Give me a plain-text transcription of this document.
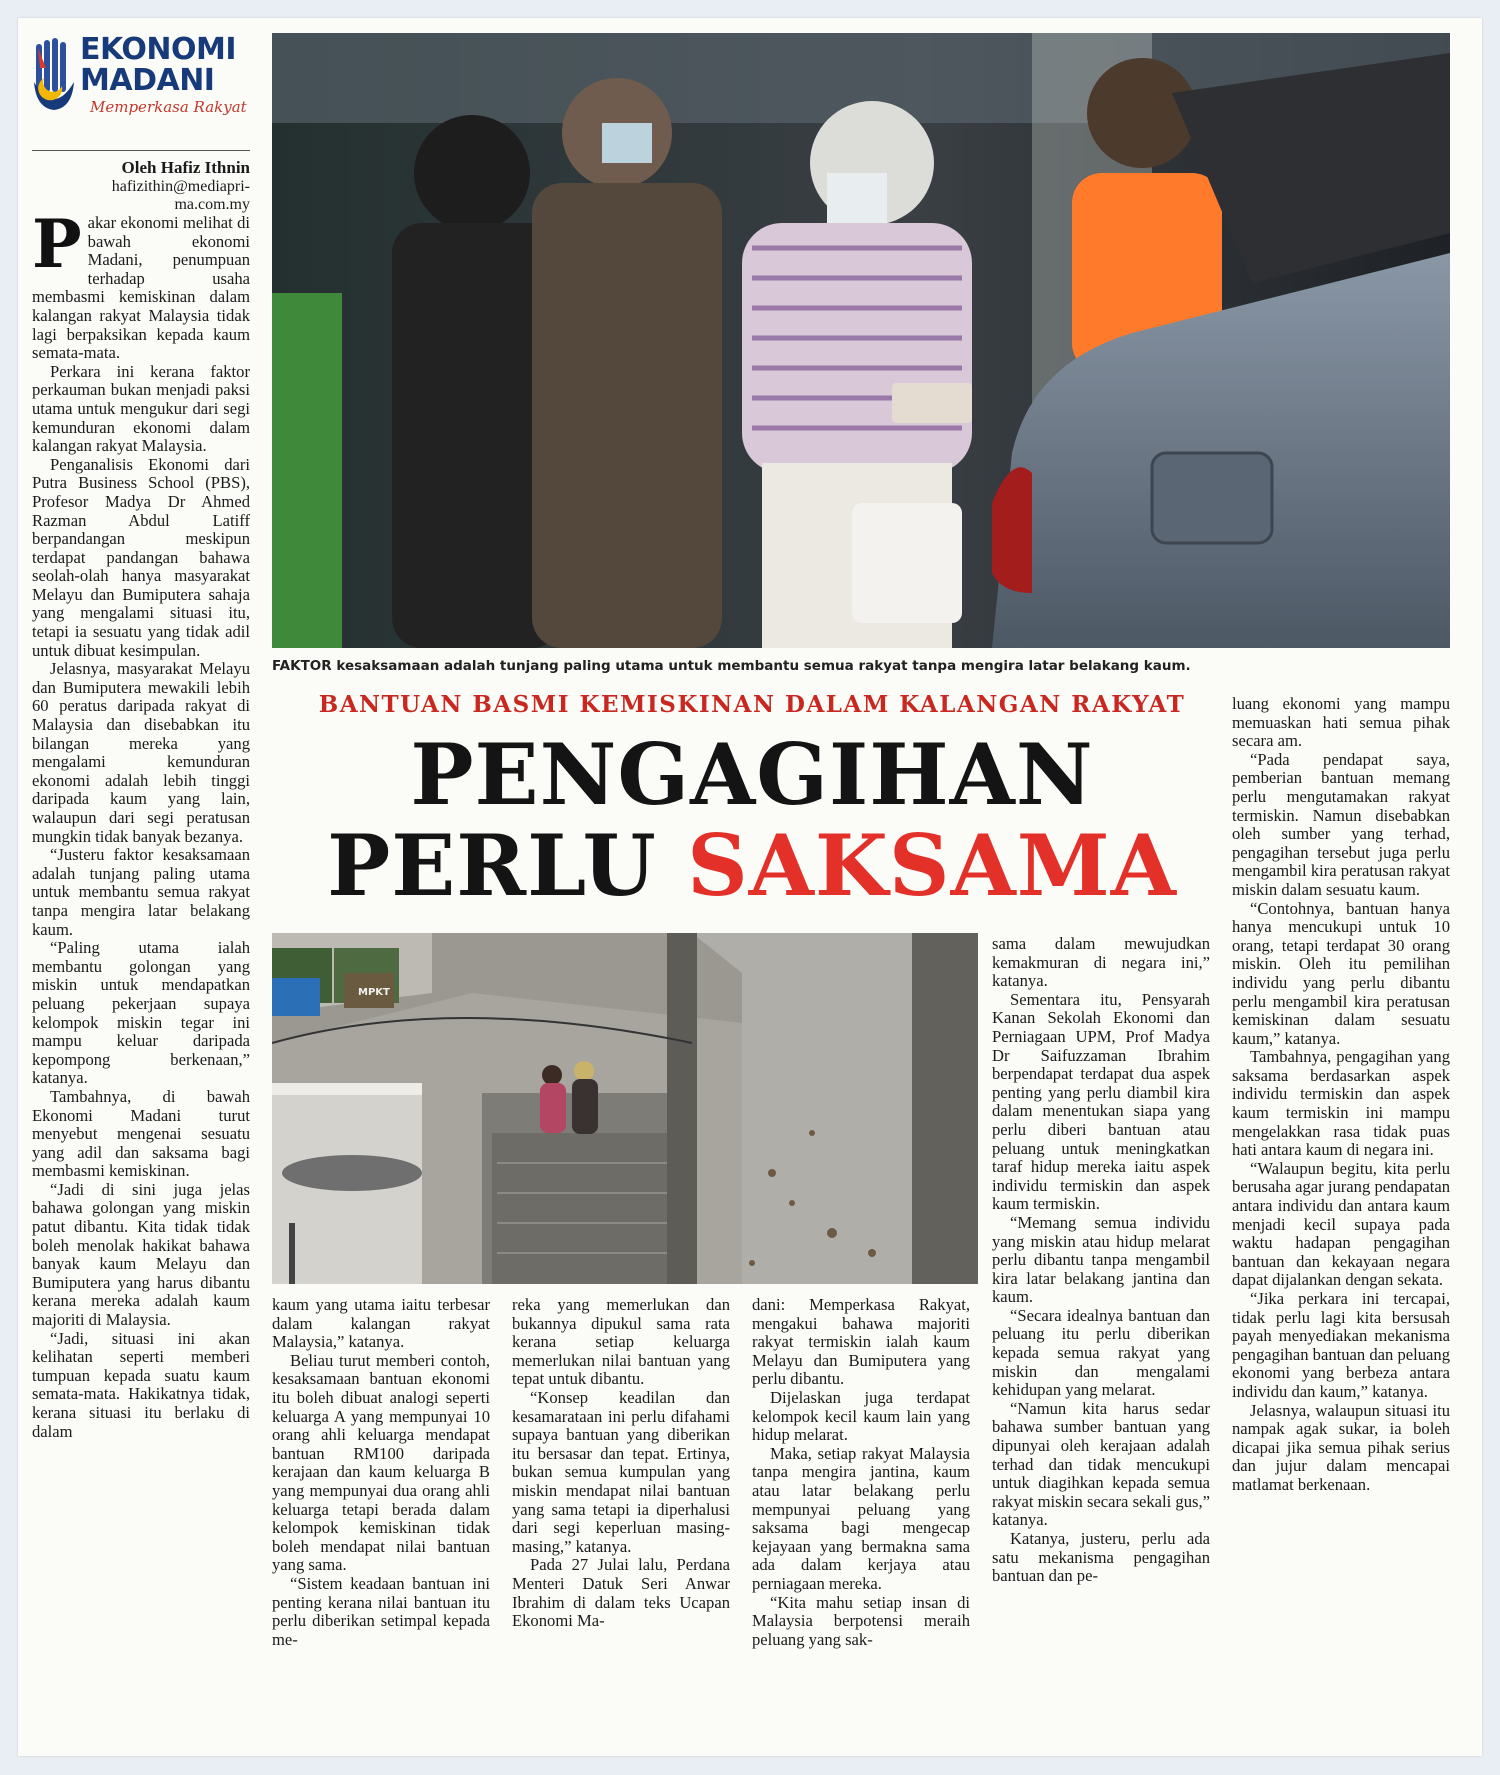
EKONOMI
MADANI
Memperkasa Rakyat
Oleh Hafiz Ithnin
hafizithin@mediapri-
ma.com.my

Pakar ekonomi melihat di bawah ekonomi Madani, penumpuan terhadap usaha membasmi kemiskinan dalam kalangan rakyat Malaysia tidak lagi berpaksikan kepada kaum semata-mata.

Perkara ini kerana faktor perkauman bukan menjadi paksi utama untuk mengukur dari segi kemunduran ekonomi dalam kalangan rakyat Malaysia.

Penganalisis Ekonomi dari Putra Business School (PBS), Profesor Madya Dr Ahmed Razman Abdul Latiff berpandangan meskipun terdapat pandangan bahawa seolah-olah hanya masyarakat Melayu dan Bumiputera sahaja yang mengalami situasi itu, tetapi ia sesuatu yang tidak adil untuk dibuat kesimpulan.

Jelasnya, masyarakat Melayu dan Bumiputera mewakili lebih 60 peratus daripada rakyat di Malaysia dan disebabkan itu bilangan mereka yang mengalami kemunduran ekonomi adalah lebih tinggi daripada kaum yang lain, walaupun dari segi peratusan mungkin tidak banyak bezanya.

“Justeru faktor kesaksamaan adalah tunjang paling utama untuk membantu semua rakyat tanpa mengira latar belakang kaum.

“Paling utama ialah membantu golongan yang miskin untuk mendapatkan peluang pekerjaan supaya kelompok miskin tegar ini mampu keluar daripada kepompong berkenaan,” katanya.

Tambahnya, di bawah Ekonomi Madani turut menyebut mengenai sesuatu yang adil dan saksama bagi membasmi kemiskinan.

“Jadi di sini juga jelas bahawa golongan yang miskin patut dibantu. Kita tidak tidak boleh menolak hakikat bahawa banyak kaum Melayu dan Bumiputera yang harus dibantu kerana mereka adalah kaum majoriti di Malaysia.

“Jadi, situasi ini akan kelihatan seperti memberi tumpuan kepada suatu kaum semata-mata. Hakikatnya tidak, kerana situasi itu berlaku di dalam

FAKTOR kesaksamaan adalah tunjang paling utama untuk membantu semua rakyat tanpa mengira latar belakang kaum.
BANTUAN BASMI KEMISKINAN DALAM KALANGAN RAKYAT
PENGAGIHAN
PERLU SAKSAMA
MPKT

kaum yang utama iaitu terbesar dalam kalangan rakyat Malaysia,” katanya.

Beliau turut memberi contoh, kesaksamaan bantuan ekonomi itu boleh dibuat analogi seperti keluarga A yang mempunyai 10 orang ahli keluarga mendapat bantuan RM100 daripada kerajaan dan kaum keluarga B yang mempunyai dua orang ahli keluarga tetapi berada dalam kelompok kemiskinan tidak boleh mendapat nilai bantuan yang sama.

“Sistem keadaan bantuan ini penting kerana nilai bantuan itu perlu diberikan setimpal kepada me-

reka yang memerlukan dan bukannya dipukul sama rata kerana setiap keluarga memerlukan nilai bantuan yang tepat untuk dibantu.

“Konsep keadilan dan kesamarataan ini perlu difahami supaya bantuan yang diberikan itu bersasar dan tepat. Ertinya, bukan semua kumpulan yang miskin mendapat nilai bantuan yang sama tetapi ia diperhalusi dari segi keperluan masing-masing,” katanya.

Pada 27 Julai lalu, Perdana Menteri Datuk Seri Anwar Ibrahim di dalam teks Ucapan Ekonomi Ma-

dani: Memperkasa Rakyat, mengakui bahawa majoriti rakyat termiskin ialah kaum Melayu dan Bumiputera yang perlu dibantu.

Dijelaskan juga terdapat kelompok kecil kaum lain yang hidup melarat.

Maka, setiap rakyat Malaysia tanpa mengira jantina, kaum atau latar belakang perlu mempunyai peluang yang saksama bagi mengecap kejayaan yang bermakna sama ada dalam kerjaya atau perniagaan mereka.

“Kita mahu setiap insan di Malaysia berpotensi meraih peluang yang sak-

sama dalam mewujudkan kemakmuran di negara ini,” katanya.

Sementara itu, Pensyarah Kanan Sekolah Ekonomi dan Perniagaan UPM, Prof Madya Dr Saifuzzaman Ibrahim berpendapat terdapat dua aspek penting yang perlu diambil kira dalam menentukan siapa yang perlu diberi bantuan atau peluang untuk meningkatkan taraf hidup mereka iaitu aspek individu termiskin dan aspek kaum termiskin.

“Memang semua individu yang miskin atau hidup melarat perlu dibantu tanpa mengambil kira latar belakang jantina dan kaum.

“Secara idealnya bantuan dan peluang itu perlu diberikan kepada semua rakyat yang miskin dan mengalami kehidupan yang melarat.

“Namun kita harus sedar bahawa sumber bantuan yang dipunyai oleh kerajaan adalah terhad dan tidak mencukupi untuk diagihkan kepada semua rakyat miskin secara sekali gus,” katanya.

Katanya, justeru, perlu ada satu mekanisma pengagihan bantuan dan pe-

luang ekonomi yang mampu memuaskan hati semua pihak secara am.

“Pada pendapat saya, pemberian bantuan memang perlu mengutamakan rakyat termiskin. Namun disebabkan oleh sumber yang terhad, pengagihan tersebut juga perlu mengambil kira peratusan rakyat miskin dalam sesuatu kaum.

“Contohnya, bantuan hanya hanya mencukupi untuk 10 orang, tetapi terdapat 30 orang miskin. Oleh itu pemilihan individu yang perlu dibantu perlu mengambil kira peratusan kemiskinan dalam sesuatu kaum,” katanya.

Tambahnya, pengagihan yang saksama berdasarkan aspek individu termiskin dan aspek kaum termiskin ini mampu mengelakkan rasa tidak puas hati antara kaum di negara ini.

“Walaupun begitu, kita perlu berusaha agar jurang pendapatan antara individu dan antara kaum menjadi kecil supaya pada waktu hadapan pengagihan bantuan dan kekayaan negara dapat dijalankan dengan sekata.

“Jika perkara ini tercapai, tidak perlu lagi kita bersusah payah menyediakan mekanisma pengagihan bantuan dan peluang ekonomi yang berbeza antara individu dan kaum,” katanya.

Jelasnya, walaupun situasi itu nampak agak sukar, ia boleh dicapai jika semua pihak serius dan jujur dalam mencapai matlamat berkenaan.
